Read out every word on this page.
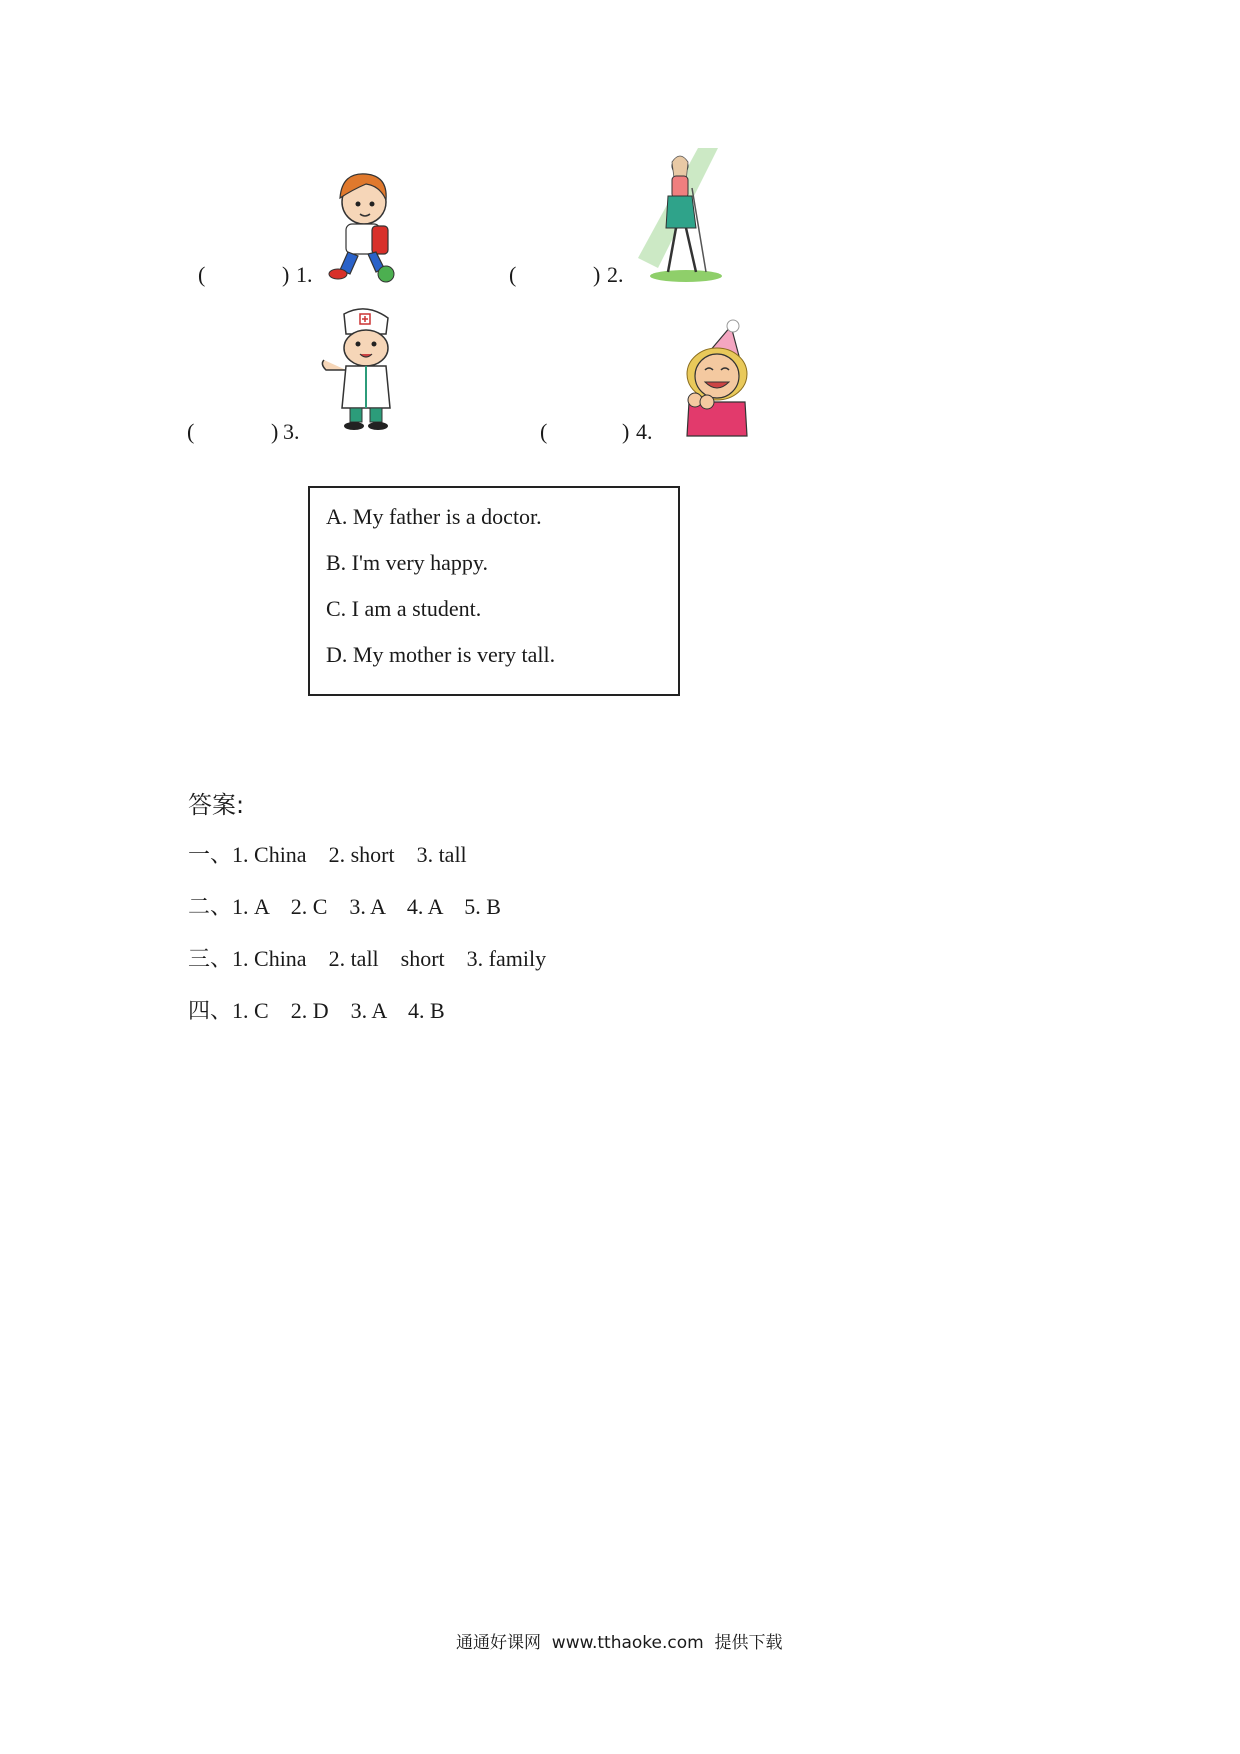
(	) 1.	(	) 2.
(	) 3.	(	) 4.
A. My father is a doctor.
B. I'm very happy.
C. I am a student.
D. My mother is very tall.
答案:
一、1. China    2. short    3. tall
二、1. A    2. C    3. A    4. A    5. B
三、1. China    2. tall    short    3. family
四、1. C    2. D    3. A    4. B
通通好课网  www.tthaoke.com  提供下载
